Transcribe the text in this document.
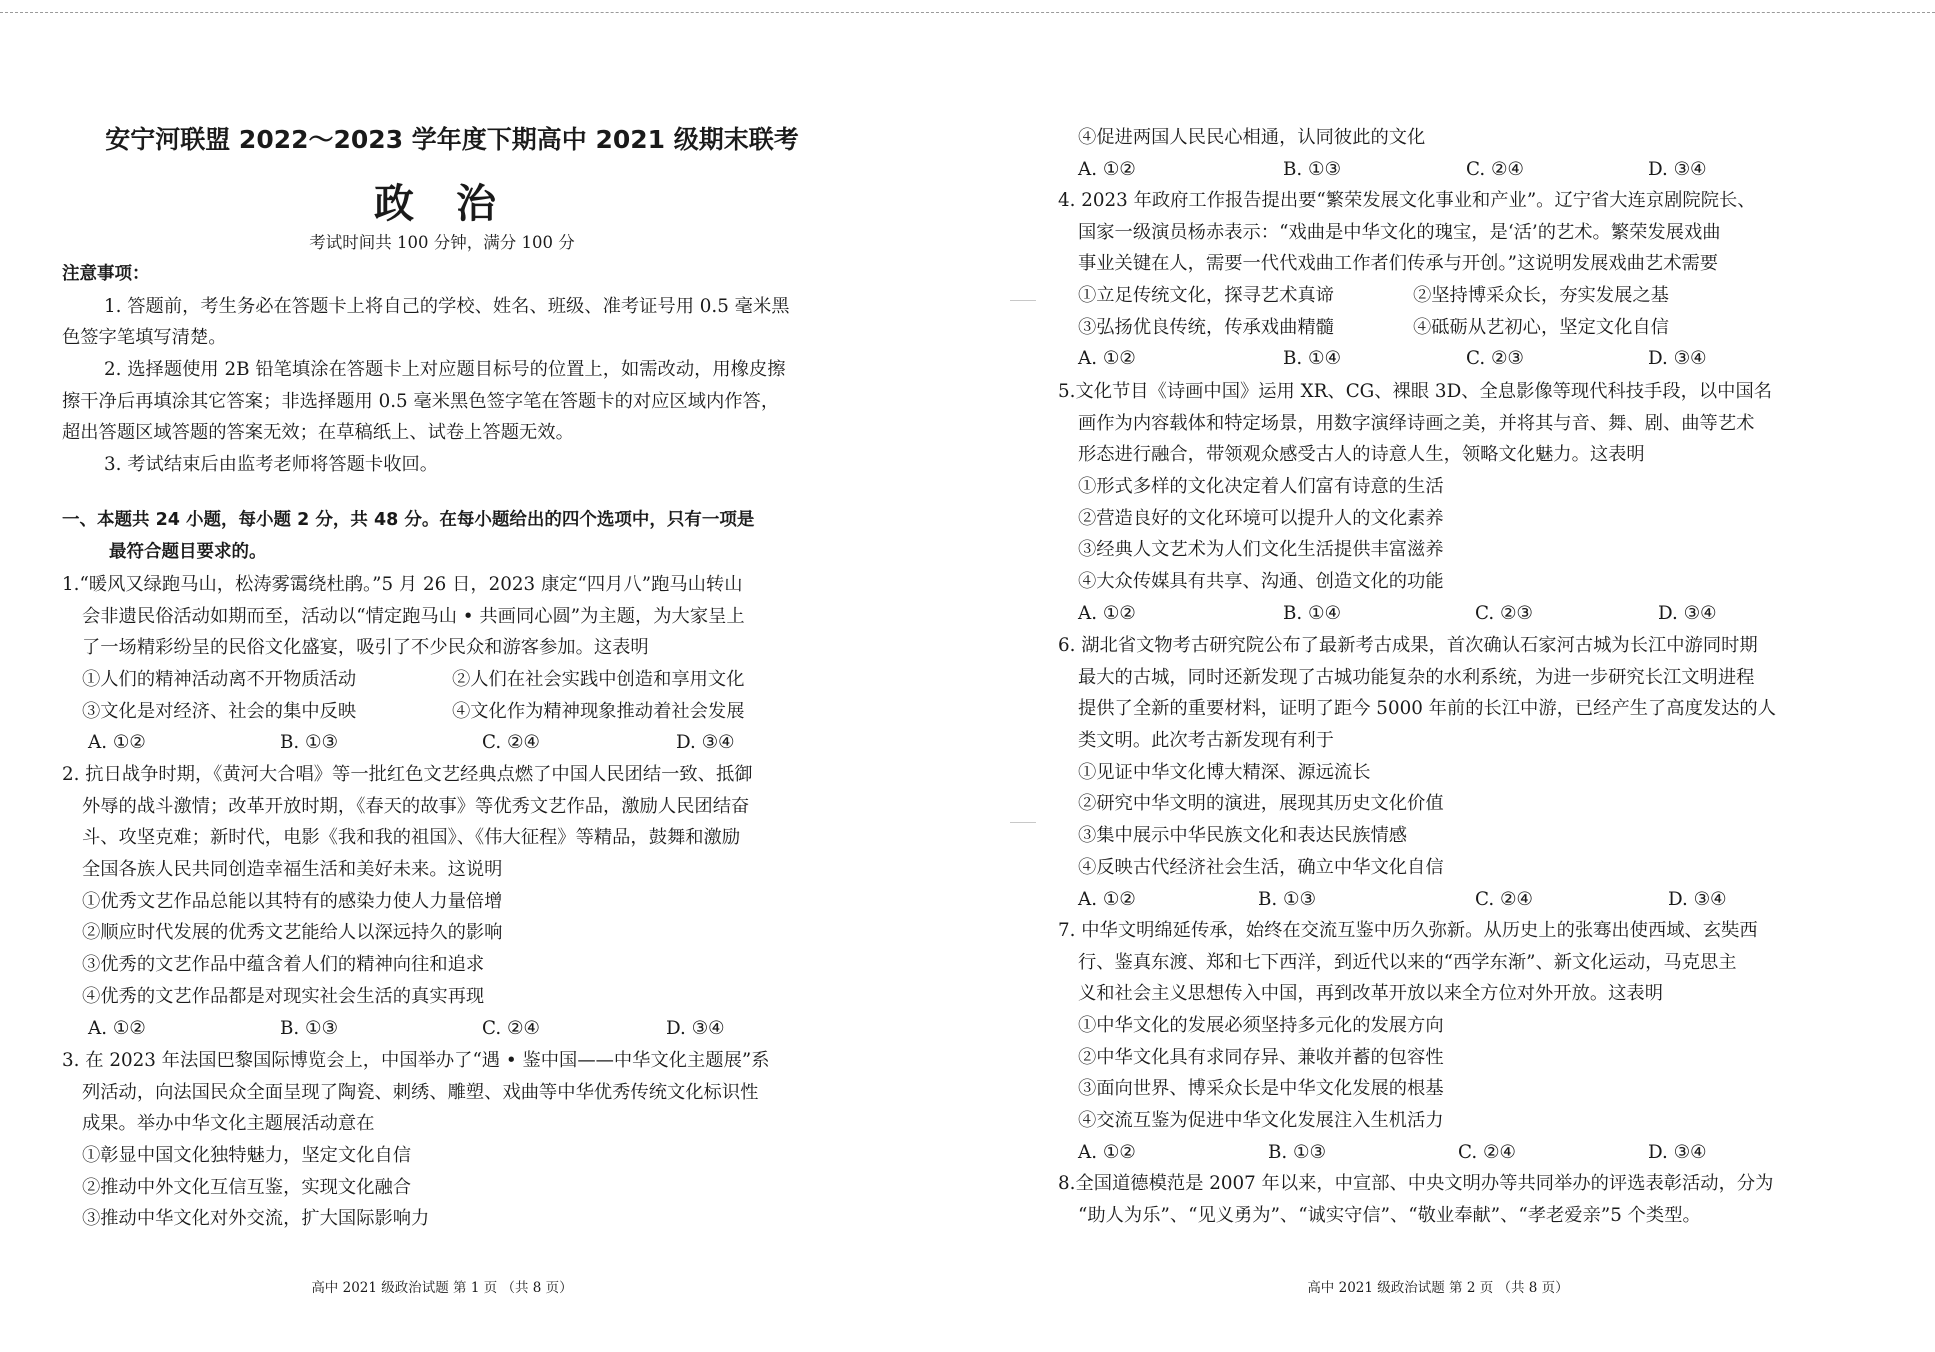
安宁河联盟 2022～2023 学年度下期高中 2021 级期末联考
政 治
考试时间共 100 分钟，满分 100 分
注意事项：
1. 答题前，考生务必在答题卡上将自己的学校、姓名、班级、准考证号用 0.5 毫米黑
色签字笔填写清楚。
2. 选择题使用 2B 铅笔填涂在答题卡上对应题目标号的位置上，如需改动，用橡皮擦
擦干净后再填涂其它答案；非选择题用 0.5 毫米黑色签字笔在答题卡的对应区域内作答，
超出答题区域答题的答案无效；在草稿纸上、试卷上答题无效。
3. 考试结束后由监考老师将答题卡收回。
一、本题共 24 小题，每小题 2 分，共 48 分。在每小题给出的四个选项中，只有一项是
最符合题目要求的。
1.“暖风又绿跑马山，松涛雾霭绕杜鹃。”5 月 26 日，2023 康定“四月八”跑马山转山
会非遗民俗活动如期而至，活动以“情定跑马山 • 共画同心圆”为主题，为大家呈上
了一场精彩纷呈的民俗文化盛宴，吸引了不少民众和游客参加。这表明
①人们的精神活动离不开物质活动	②人们在社会实践中创造和享用文化
③文化是对经济、社会的集中反映	④文化作为精神现象推动着社会发展
A. ①②	B. ①③	C. ②④	D. ③④
2. 抗日战争时期，《黄河大合唱》等一批红色文艺经典点燃了中国人民团结一致、抵御
外辱的战斗激情；改革开放时期，《春天的故事》等优秀文艺作品，激励人民团结奋
斗、攻坚克难；新时代，电影《我和我的祖国》、《伟大征程》等精品，鼓舞和激励
全国各族人民共同创造幸福生活和美好未来。这说明
①优秀文艺作品总能以其特有的感染力使人力量倍增
②顺应时代发展的优秀文艺能给人以深远持久的影响
③优秀的文艺作品中蕴含着人们的精神向往和追求
④优秀的文艺作品都是对现实社会生活的真实再现
A. ①②	B. ①③	C. ②④	D. ③④
3. 在 2023 年法国巴黎国际博览会上，中国举办了“遇 • 鉴中国——中华文化主题展”系
列活动，向法国民众全面呈现了陶瓷、刺绣、雕塑、戏曲等中华优秀传统文化标识性
成果。举办中华文化主题展活动意在
①彰显中国文化独特魅力，坚定文化自信
②推动中外文化互信互鉴，实现文化融合
③推动中华文化对外交流，扩大国际影响力
高中 2021 级政治试题 第 1 页 （共 8 页）
④促进两国人民民心相通，认同彼此的文化
A. ①②	B. ①③	C. ②④	D. ③④
4. 2023 年政府工作报告提出要“繁荣发展文化事业和产业”。辽宁省大连京剧院院长、
国家一级演员杨赤表示：“戏曲是中华文化的瑰宝，是‘活’的艺术。繁荣发展戏曲
事业关键在人，需要一代代戏曲工作者们传承与开创。”这说明发展戏曲艺术需要
①立足传统文化，探寻艺术真谛	②坚持博采众长，夯实发展之基
③弘扬优良传统，传承戏曲精髓	④砥砺从艺初心，坚定文化自信
A. ①②	B. ①④	C. ②③	D. ③④
5.文化节目《诗画中国》运用 XR、CG、裸眼 3D、全息影像等现代科技手段，以中国名
画作为内容载体和特定场景，用数字演绎诗画之美，并将其与音、舞、剧、曲等艺术
形态进行融合，带领观众感受古人的诗意人生，领略文化魅力。这表明
①形式多样的文化决定着人们富有诗意的生活
②营造良好的文化环境可以提升人的文化素养
③经典人文艺术为人们文化生活提供丰富滋养
④大众传媒具有共享、沟通、创造文化的功能
A. ①②	B. ①④	C. ②③	D. ③④
6. 湖北省文物考古研究院公布了最新考古成果，首次确认石家河古城为长江中游同时期
最大的古城，同时还新发现了古城功能复杂的水利系统，为进一步研究长江文明进程
提供了全新的重要材料，证明了距今 5000 年前的长江中游，已经产生了高度发达的人
类文明。此次考古新发现有利于
①见证中华文化博大精深、源远流长
②研究中华文明的演进，展现其历史文化价值
③集中展示中华民族文化和表达民族情感
④反映古代经济社会生活，确立中华文化自信
A. ①②	B. ①③	C. ②④	D. ③④
7. 中华文明绵延传承，始终在交流互鉴中历久弥新。从历史上的张骞出使西域、玄奘西
行、鉴真东渡、郑和七下西洋，到近代以来的“西学东渐”、新文化运动，马克思主
义和社会主义思想传入中国，再到改革开放以来全方位对外开放。这表明
①中华文化的发展必须坚持多元化的发展方向
②中华文化具有求同存异、兼收并蓄的包容性
③面向世界、博采众长是中华文化发展的根基
④交流互鉴为促进中华文化发展注入生机活力
A. ①②	B. ①③	C. ②④	D. ③④
8.全国道德模范是 2007 年以来，中宣部、中央文明办等共同举办的评选表彰活动，分为
“助人为乐”、“见义勇为”、“诚实守信”、“敬业奉献”、“孝老爱亲”5 个类型。
高中 2021 级政治试题 第 2 页 （共 8 页）
